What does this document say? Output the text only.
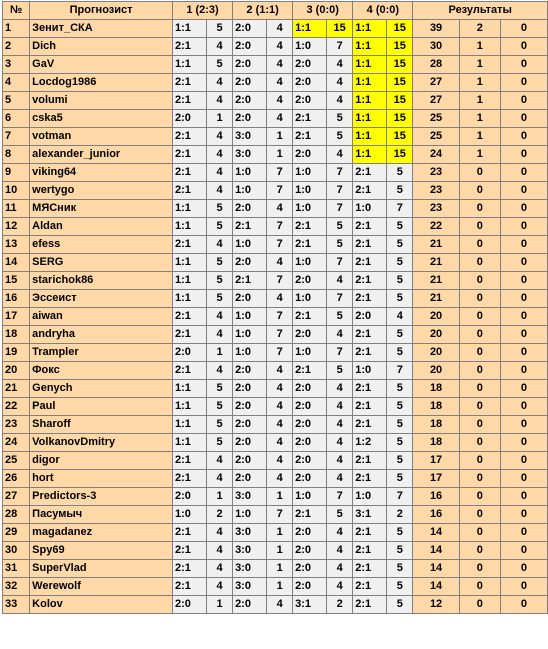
№	Прогнозист	1 (2:3)		2 (1:1)		3 (0:0)		4 (0:0)		Результаты		
1	Зенит_СКА	1:1	5	2:0	4	1:1	15	1:1	15	39	2	0
2	Dich	2:1	4	2:0	4	1:0	7	1:1	15	30	1	0
3	GaV	1:1	5	2:0	4	2:0	4	1:1	15	28	1	0
4	Locdog1986	2:1	4	2:0	4	2:0	4	1:1	15	27	1	0
5	volumi	2:1	4	2:0	4	2:0	4	1:1	15	27	1	0
6	cska5	2:0	1	2:0	4	2:1	5	1:1	15	25	1	0
7	votman	2:1	4	3:0	1	2:1	5	1:1	15	25	1	0
8	alexander_junior	2:1	4	3:0	1	2:0	4	1:1	15	24	1	0
9	viking64	2:1	4	1:0	7	1:0	7	2:1	5	23	0	0
10	wertygo	2:1	4	1:0	7	1:0	7	2:1	5	23	0	0
11	МЯСник	1:1	5	2:0	4	1:0	7	1:0	7	23	0	0
12	Aldan	1:1	5	2:1	7	2:1	5	2:1	5	22	0	0
13	efess	2:1	4	1:0	7	2:1	5	2:1	5	21	0	0
14	SERG	1:1	5	2:0	4	1:0	7	2:1	5	21	0	0
15	starichok86	1:1	5	2:1	7	2:0	4	2:1	5	21	0	0
16	Эссеист	1:1	5	2:0	4	1:0	7	2:1	5	21	0	0
17	aiwan	2:1	4	1:0	7	2:1	5	2:0	4	20	0	0
18	andryha	2:1	4	1:0	7	2:0	4	2:1	5	20	0	0
19	Trampler	2:0	1	1:0	7	1:0	7	2:1	5	20	0	0
20	Фокс	2:1	4	2:0	4	2:1	5	1:0	7	20	0	0
21	Genych	1:1	5	2:0	4	2:0	4	2:1	5	18	0	0
22	Paul	1:1	5	2:0	4	2:0	4	2:1	5	18	0	0
23	Sharoff	1:1	5	2:0	4	2:0	4	2:1	5	18	0	0
24	VolkanovDmitry	1:1	5	2:0	4	2:0	4	1:2	5	18	0	0
25	digor	2:1	4	2:0	4	2:0	4	2:1	5	17	0	0
26	hort	2:1	4	2:0	4	2:0	4	2:1	5	17	0	0
27	Predictors-3	2:0	1	3:0	1	1:0	7	1:0	7	16	0	0
28	Пасумыч	1:0	2	1:0	7	2:1	5	3:1	2	16	0	0
29	magadanez	2:1	4	3:0	1	2:0	4	2:1	5	14	0	0
30	Spy69	2:1	4	3:0	1	2:0	4	2:1	5	14	0	0
31	SuperVlad	2:1	4	3:0	1	2:0	4	2:1	5	14	0	0
32	Werewolf	2:1	4	3:0	1	2:0	4	2:1	5	14	0	0
33	Kolov	2:0	1	2:0	4	3:1	2	2:1	5	12	0	0
